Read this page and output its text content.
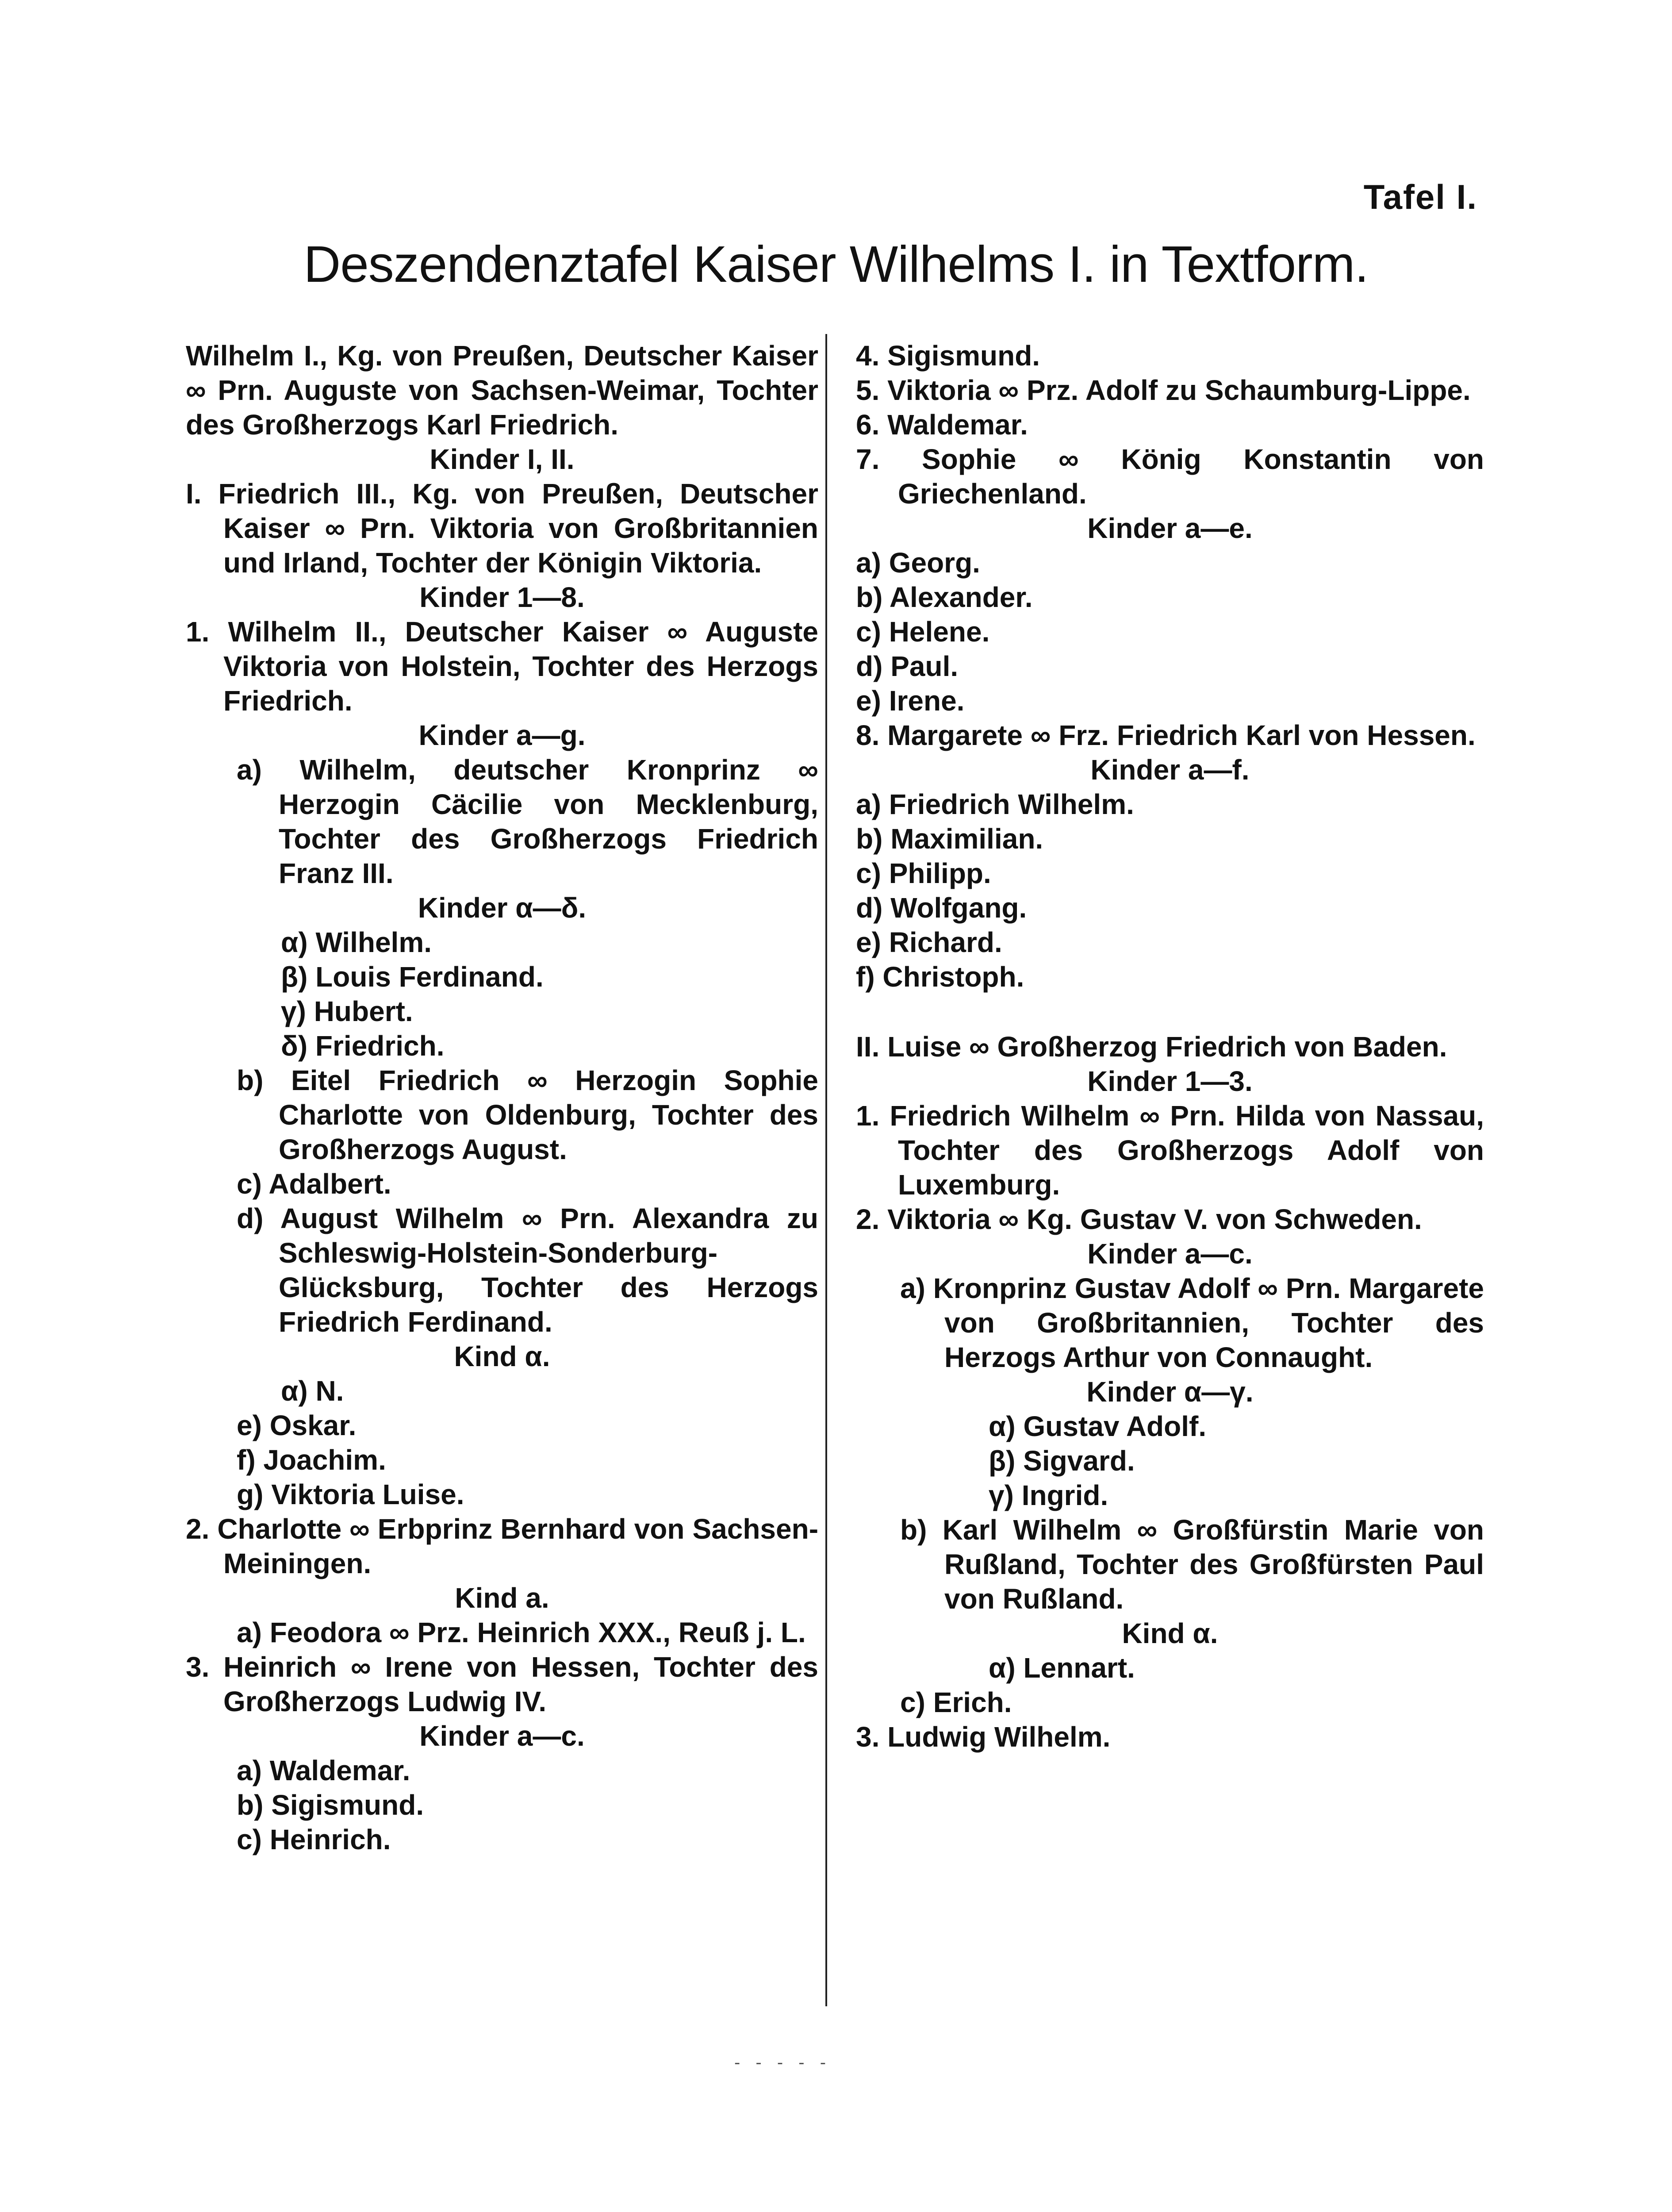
Tafel I.
Deszendenztafel Kaiser Wilhelms I. in Textform.
Wilhelm I., Kg. von Preußen, Deutscher Kaiser ∞ Prn. Auguste von Sachsen-Weimar, Tochter des Großherzogs Karl Friedrich.
Kinder I, II.
I. Friedrich III., Kg. von Preußen, Deutscher Kaiser ∞ Prn. Viktoria von Großbritannien und Irland, Tochter der Königin Viktoria.
Kinder 1—8.
1. Wilhelm II., Deutscher Kaiser ∞ Auguste Viktoria von Holstein, Tochter des Herzogs Friedrich.
Kinder a—g.
a) Wilhelm, deutscher Kronprinz ∞ Herzogin Cäcilie von Mecklenburg, Tochter des Großherzogs Friedrich Franz III.
Kinder α—δ.
α) Wilhelm.
β) Louis Ferdinand.
γ) Hubert.
δ) Friedrich.
b) Eitel Friedrich ∞ Herzogin Sophie Charlotte von Oldenburg, Tochter des Großherzogs August.
c) Adalbert.
d) August Wilhelm ∞ Prn. Alexandra zu Schleswig-Holstein-Sonderburg-Glücksburg, Tochter des Herzogs Friedrich Ferdinand.
Kind α.
α) N.
e) Oskar.
f) Joachim.
g) Viktoria Luise.
2. Charlotte ∞ Erbprinz Bernhard von Sachsen-Meiningen.
Kind a.
a) Feodora ∞ Prz. Heinrich XXX., Reuß j. L.
3. Heinrich ∞ Irene von Hessen, Tochter des Großherzogs Ludwig IV.
Kinder a—c.
a) Waldemar.
b) Sigismund.
c) Heinrich.
4. Sigismund.
5. Viktoria ∞ Prz. Adolf zu Schaumburg-Lippe.
6. Waldemar.
7. Sophie ∞ König Konstantin von Griechenland.
Kinder a—e.
a) Georg.
b) Alexander.
c) Helene.
d) Paul.
e) Irene.
8. Margarete ∞ Frz. Friedrich Karl von Hessen.
Kinder a—f.
a) Friedrich Wilhelm.
b) Maximilian.
c) Philipp.
d) Wolfgang.
e) Richard.
f) Christoph.
II. Luise ∞ Großherzog Friedrich von Baden.
Kinder 1—3.
1. Friedrich Wilhelm ∞ Prn. Hilda von Nassau, Tochter des Großherzogs Adolf von Luxemburg.
2. Viktoria ∞ Kg. Gustav V. von Schweden.
Kinder a—c.
a) Kronprinz Gustav Adolf ∞ Prn. Margarete von Großbritannien, Tochter des Herzogs Arthur von Connaught.
Kinder α—γ.
α) Gustav Adolf.
β) Sigvard.
γ) Ingrid.
b) Karl Wilhelm ∞ Großfürstin Marie von Rußland, Tochter des Großfürsten Paul von Rußland.
Kind α.
α) Lennart.
c) Erich.
3. Ludwig Wilhelm.
- - - - -
